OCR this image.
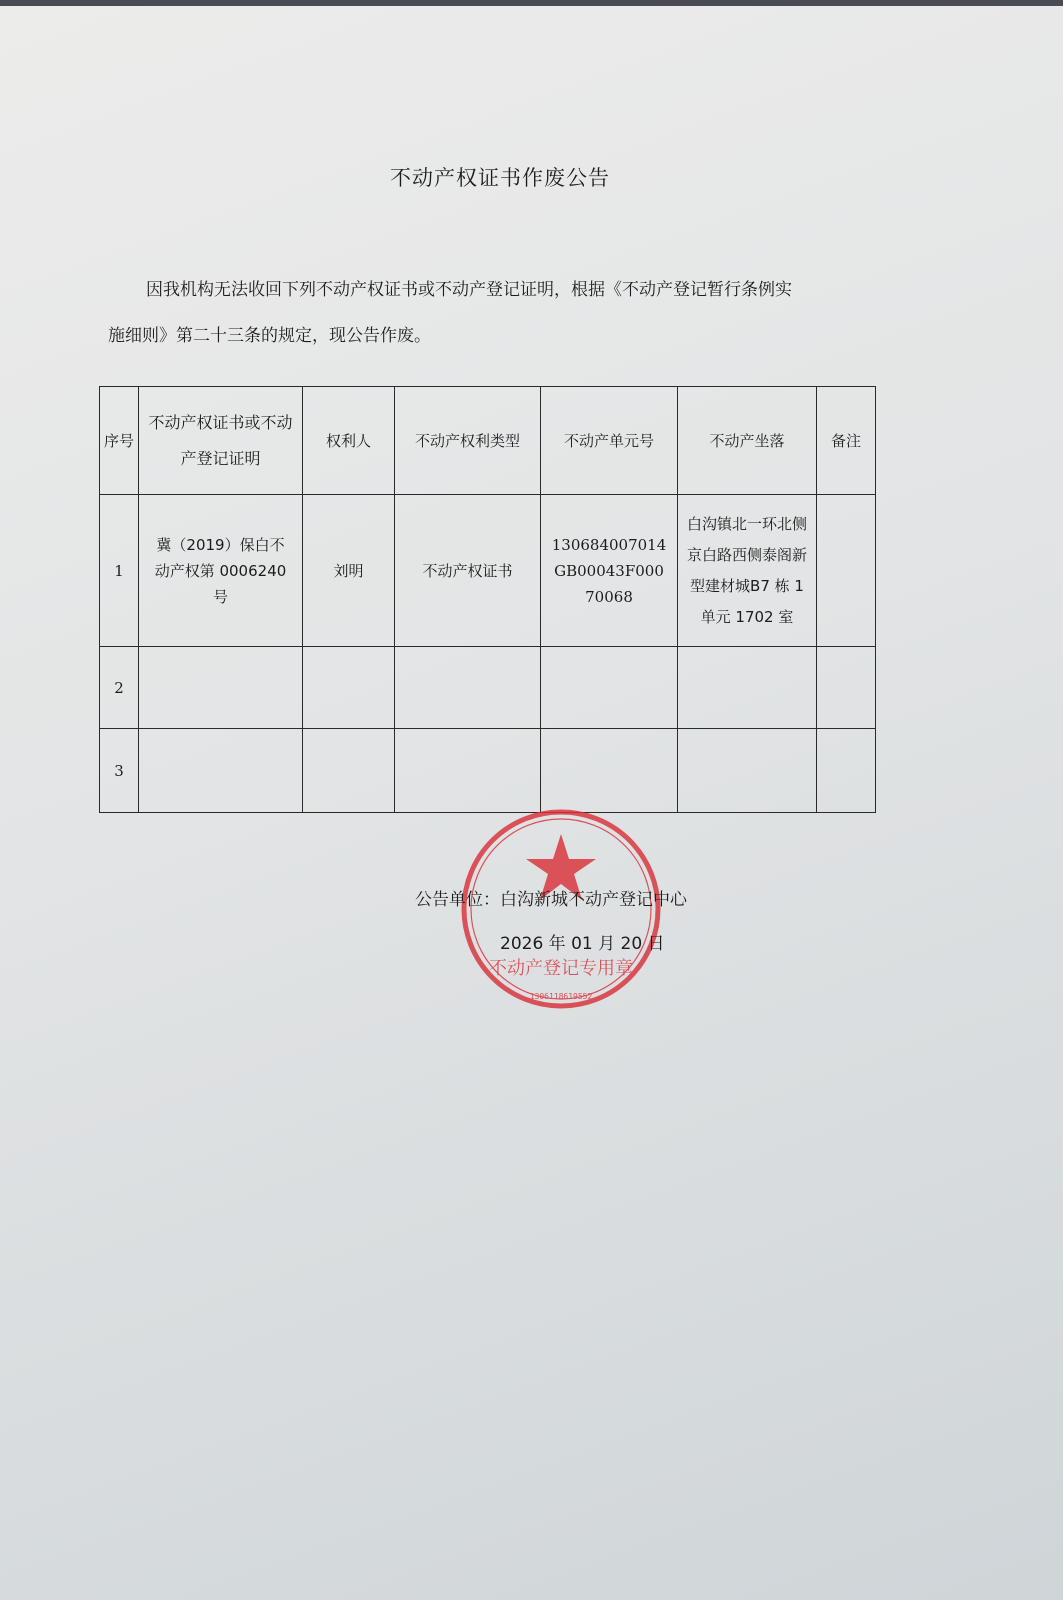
不动产权证书作废公告
因我机构无法收回下列不动产权证书或不动产登记证明，根据《不动产登记暂行条例实
施细则》第二十三条的规定，现公告作废。
序号	不动产权证书或不动产登记证明	权利人	不动产权利类型	不动产单元号	不动产坐落	备注
1	冀（2019）保白不动产权第 0006240 号	刘明	不动产权证书	130684007014GB00043F00070068	白沟镇北一环北侧京白路西侧泰阁新型建材城B7 栋 1 单元 1702 室	
2						
3						
不动产登记专用章
1306118619552
公告单位：白沟新城不动产登记中心
2026 年 01 月 20 日
